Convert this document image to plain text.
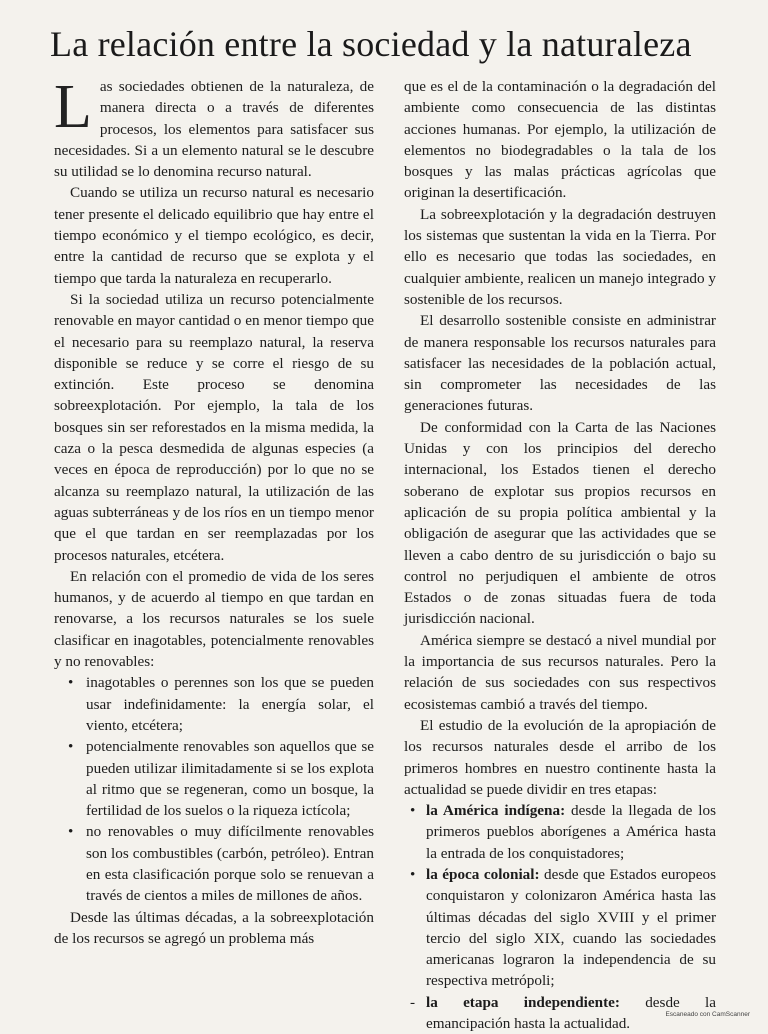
La relación entre la sociedad y la naturaleza

Las sociedades obtienen de la naturaleza, de manera directa o a través de diferentes procesos, los elementos para satisfacer sus necesidades. Si a un elemento natural se le descubre su utilidad se lo denomina recurso natural.

Cuando se utiliza un recurso natural es necesario tener presente el delicado equilibrio que hay entre el tiempo económico y el tiempo ecológico, es decir, entre la cantidad de recurso que se explota y el tiempo que tarda la naturaleza en recuperarlo.

Si la sociedad utiliza un recurso potencialmente renovable en mayor cantidad o en menor tiempo que el necesario para su reemplazo natural, la reserva disponible se reduce y se corre el riesgo de su extinción. Este proceso se denomina sobreexplotación. Por ejemplo, la tala de los bosques sin ser reforestados en la misma medida, la caza o la pesca desmedida de algunas especies (a veces en época de reproducción) por lo que no se alcanza su reemplazo natural, la utilización de las aguas subterráneas y de los ríos en un tiempo menor que el que tardan en ser reemplazadas por los procesos naturales, etcétera.

En relación con el promedio de vida de los seres humanos, y de acuerdo al tiempo en que tardan en renovarse, a los recursos naturales se los suele clasificar en inagotables, potencialmente renovables y no renovables:

• inagotables o perennes son los que se pueden usar indefinidamente: la energía solar, el viento, etcétera;
• potencialmente renovables son aquellos que se pueden utilizar ilimitadamente si se los explota al ritmo que se regeneran, como un bosque, la fertilidad de los suelos o la riqueza ictícola;
• no renovables o muy difícilmente renovables son los combustibles (carbón, petróleo). Entran en esta clasificación porque solo se renuevan a través de cientos a miles de millones de años.

Desde las últimas décadas, a la sobreexplotación de los recursos se agregó un problema más

que es el de la contaminación o la degradación del ambiente como consecuencia de las distintas acciones humanas. Por ejemplo, la utilización de elementos no biodegradables o la tala de los bosques y las malas prácticas agrícolas que originan la desertificación.

La sobreexplotación y la degradación destruyen los sistemas que sustentan la vida en la Tierra. Por ello es necesario que todas las sociedades, en cualquier ambiente, realicen un manejo integrado y sostenible de los recursos.

El desarrollo sostenible consiste en administrar de manera responsable los recursos naturales para satisfacer las necesidades de la población actual, sin comprometer las necesidades de las generaciones futuras.

De conformidad con la Carta de las Naciones Unidas y con los principios del derecho internacional, los Estados tienen el derecho soberano de explotar sus propios recursos en aplicación de su propia política ambiental y la obligación de asegurar que las actividades que se lleven a cabo dentro de su jurisdicción o bajo su control no perjudiquen el ambiente de otros Estados o de zonas situadas fuera de toda jurisdicción nacional.

América siempre se destacó a nivel mundial por la importancia de sus recursos naturales. Pero la relación de sus sociedades con sus respectivos ecosistemas cambió a través del tiempo.

El estudio de la evolución de la apropiación de los recursos naturales desde el arribo de los primeros hombres en nuestro continente hasta la actualidad se puede dividir en tres etapas:

• la América indígena: desde la llegada de los primeros pueblos aborígenes a América hasta la entrada de los conquistadores;
• la época colonial: desde que Estados europeos conquistaron y colonizaron América hasta las últimas décadas del siglo XVIII y el primer tercio del siglo XIX, cuando las sociedades americanas lograron la independencia de su respectiva metrópoli;
- la etapa independiente: desde la emancipación hasta la actualidad.
Escaneado con CamScanner
